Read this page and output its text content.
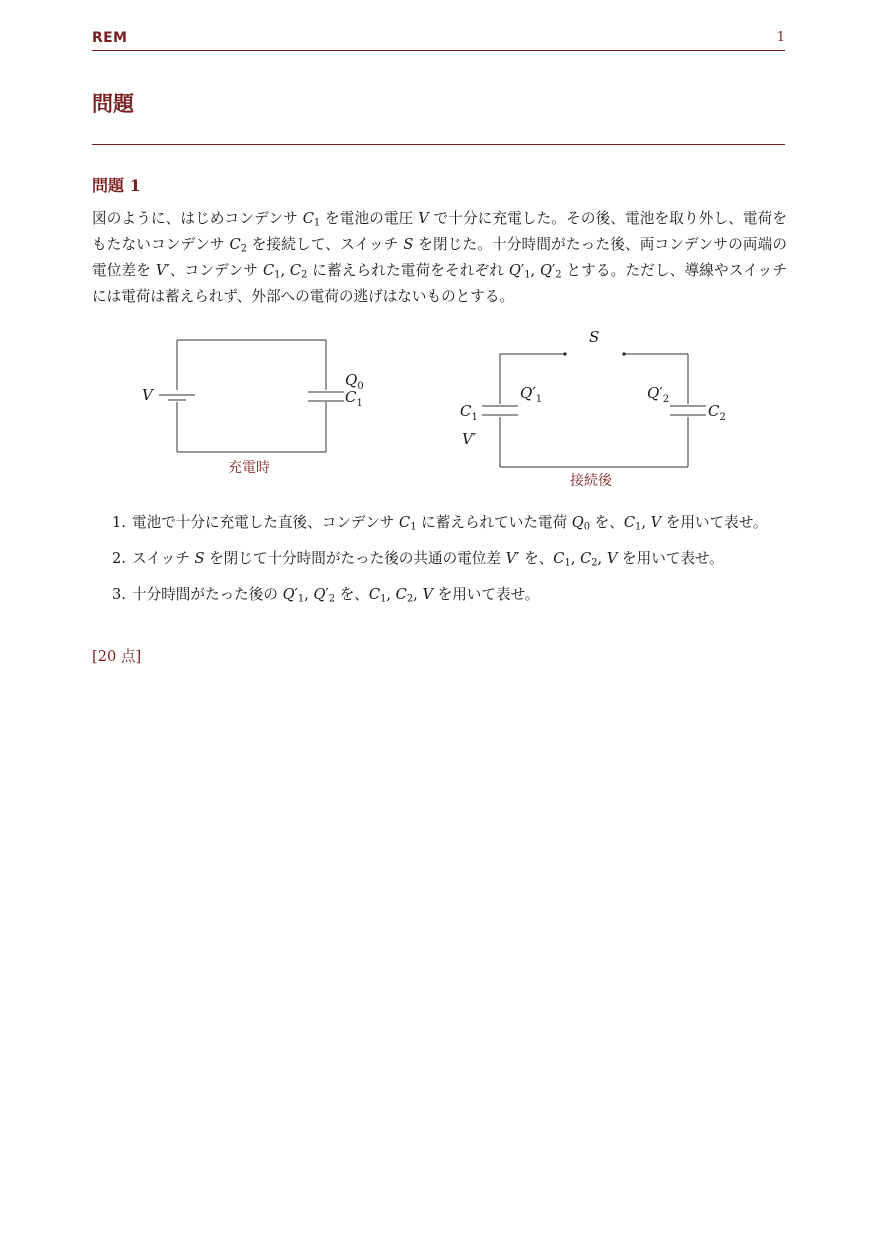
REM	1
問題
問題 1

図のように、はじめコンデンサ $C_1$ を電池の電圧 V で十分に充電した。その後、電池を取り外し、電荷をもたないコンデンサ $C_2$ を接続して、スイッチ S を閉じた。十分時間がたった後、両コンデンサの両端の電位差を V′、コンデンサ $C_1$, $C_2$ に蓄えられた電荷をそれぞれ $Q'_1$, $Q'_2$ とする。ただし、導線やスイッチには電荷は蓄えられず、外部への電荷の逃げはないものとする。

V
$Q_0$
$C_1$
充電時
S
$Q'_1$	$Q'_2$
$C_1$	$C_2$
V′
接続後
1. 電池で十分に充電した直後、コンデンサ $C_1$ に蓄えられていた電荷 $Q_0$ を、$C_1$, V を用いて表せ。
2. スイッチ S を閉じて十分時間がたった後の共通の電位差 V′ を、$C_1$, $C_2$, V を用いて表せ。
3. 十分時間がたった後の $Q'_1$, $Q'_2$ を、$C_1$, $C_2$, V を用いて表せ。
[20 点]
